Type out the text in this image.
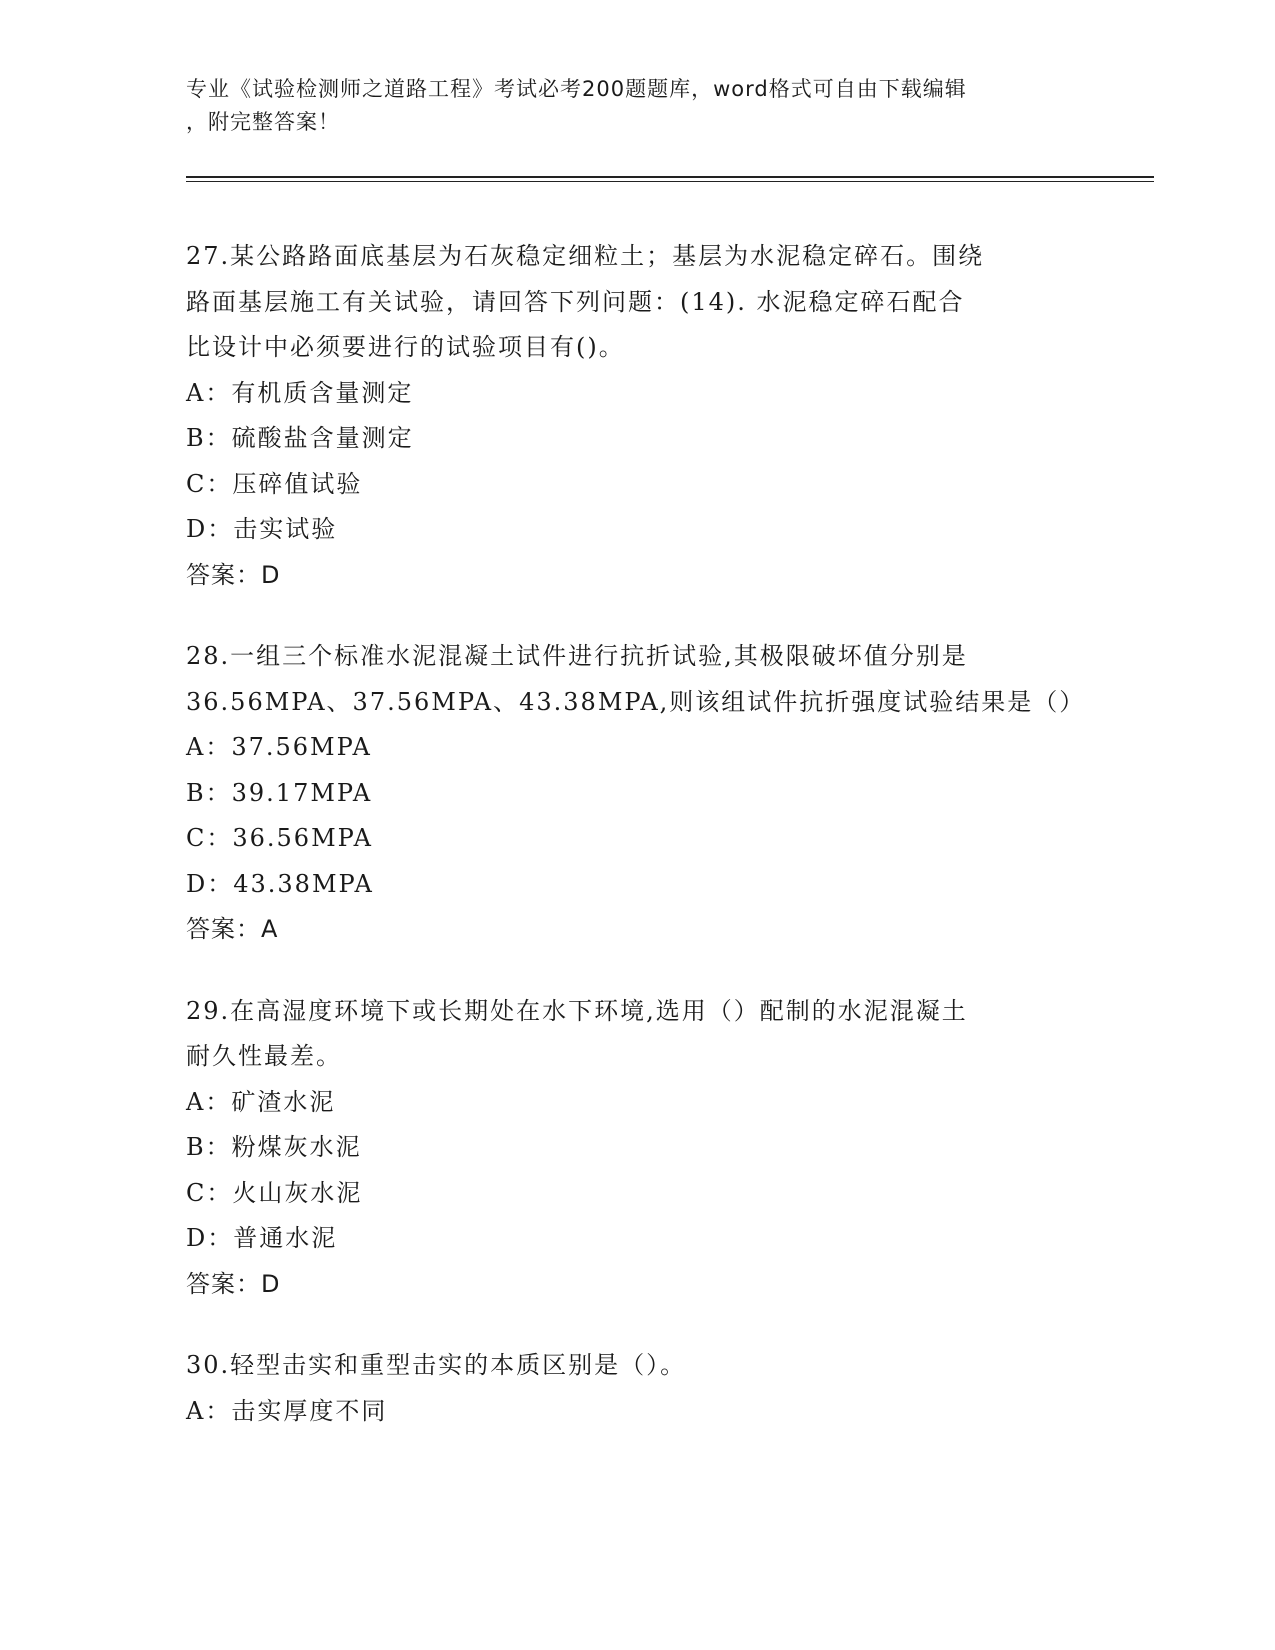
专业《试验检测师之道路工程》考试必考200题题库，word格式可自由下载编辑
，附完整答案！
27.某公路路面底基层为石灰稳定细粒土；基层为水泥稳定碎石。围绕
路面基层施工有关试验，请回答下列问题：(14). 水泥稳定碎石配合
比设计中必须要进行的试验项目有()。
A：有机质含量测定
B：硫酸盐含量测定
C：压碎值试验
D：击实试验
答案：D
28.一组三个标准水泥混凝土试件进行抗折试验,其极限破坏值分别是
36.56MPA、37.56MPA、43.38MPA,则该组试件抗折强度试验结果是（）
A：37.56MPA
B：39.17MPA
C：36.56MPA
D：43.38MPA
答案：A
29.在高湿度环境下或长期处在水下环境,选用（）配制的水泥混凝土
耐久性最差。
A：矿渣水泥
B：粉煤灰水泥
C：火山灰水泥
D：普通水泥
答案：D
30.轻型击实和重型击实的本质区别是（）。
A：击实厚度不同
